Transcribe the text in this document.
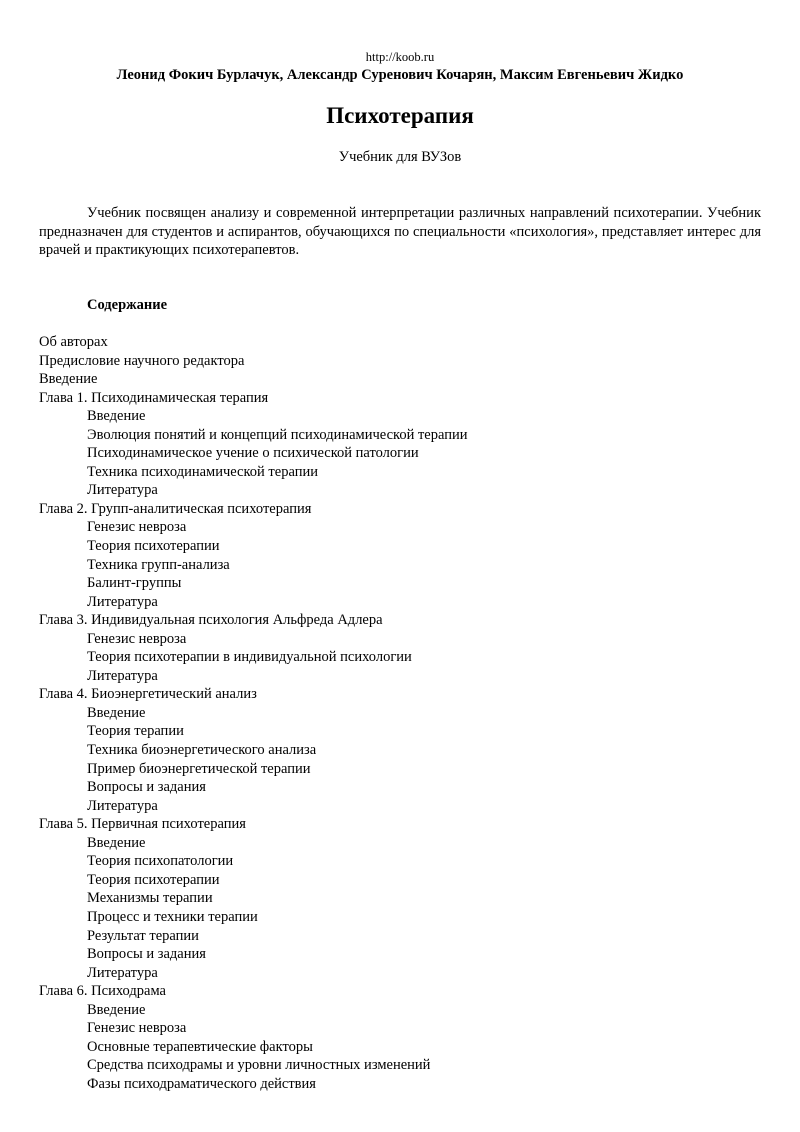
http://koob.ru
Леонид Фокич Бурлачук, Александр Суренович Кочарян, Максим Евгеньевич Жидко
Психотерапия
Учебник для ВУЗов

Учебник посвящен анализу и современной интерпретации различных направлений психотерапии. Учебник предназначен для студентов и аспирантов, обучающихся по специальности «психология», представляет интерес для врачей и практикующих психотерапевтов.

Содержание
Об авторах
Предисловие научного редактора
Введение
Глава 1. Психодинамическая терапия
Введение
Эволюция понятий и концепций психодинамической терапии
Психодинамическое учение о психической патологии
Техника психодинамической терапии
Литература
Глава 2. Групп-аналитическая психотерапия
Генезис невроза
Теория психотерапии
Техника групп-анализа
Балинт-группы
Литература
Глава 3. Индивидуальная психология Альфреда Адлера
Генезис невроза
Теория психотерапии в индивидуальной психологии
Литература
Глава 4. Биоэнергетический анализ
Введение
Теория терапии
Техника биоэнергетического анализа
Пример биоэнергетической терапии
Вопросы и задания
Литература
Глава 5. Первичная психотерапия
Введение
Теория психопатологии
Теория психотерапии
Механизмы терапии
Процесс и техники терапии
Результат терапии
Вопросы и задания
Литература
Глава 6. Психодрама
Введение
Генезис невроза
Основные терапевтические факторы
Средства психодрамы и уровни личностных изменений
Фазы психодраматического действия
